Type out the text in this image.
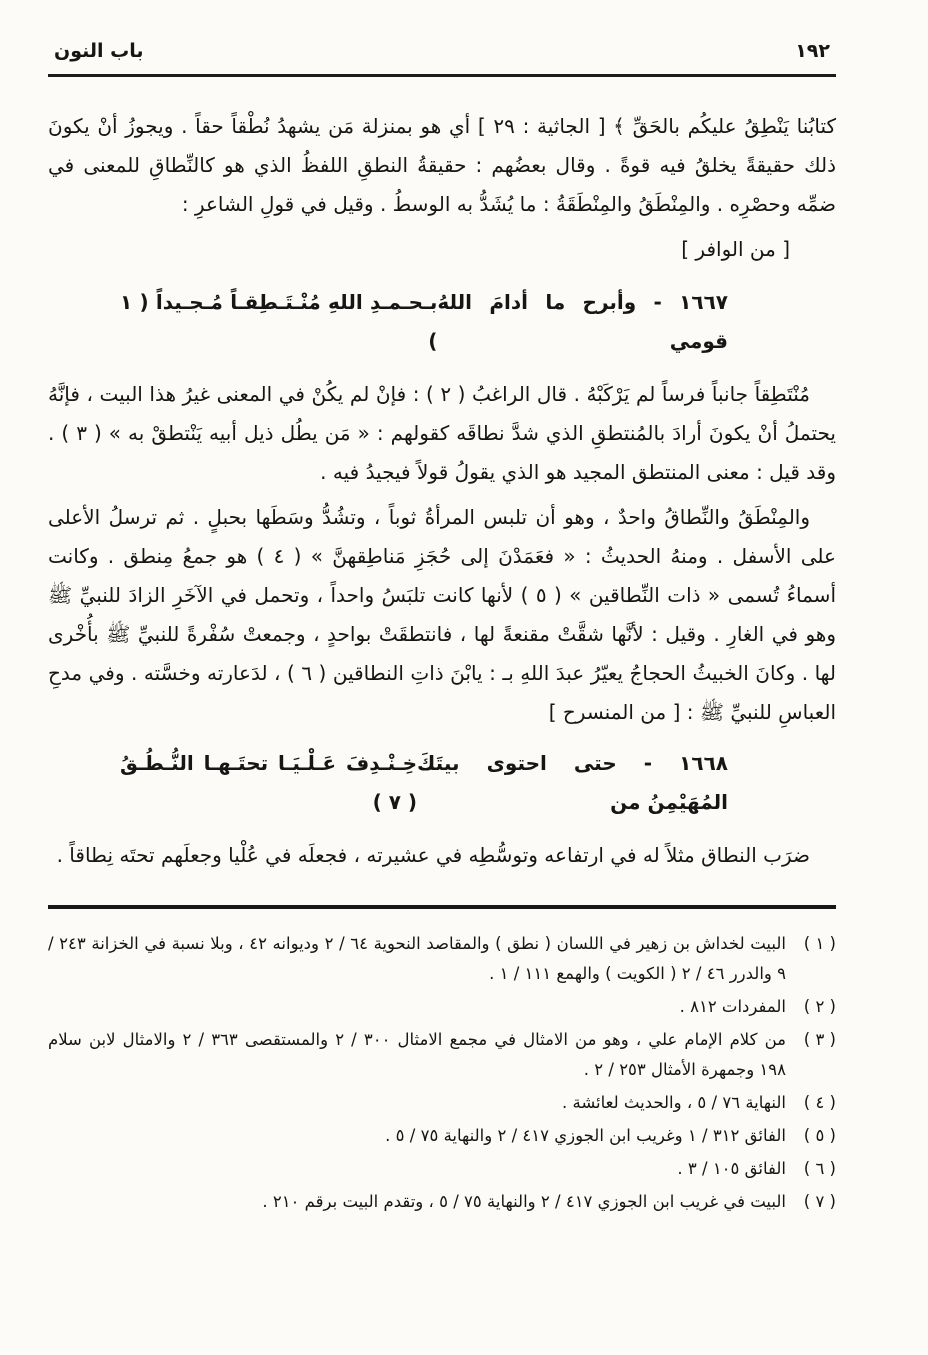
١٩٢
باب النون

كتابُنا يَنْطِقُ عليكُم بالحَقِّ ﴾ [ الجاثية : ٢٩ ] أي هو بمنزلة مَن يشهدُ نُطْقاً حقاً . ويجوزُ أنْ يكونَ ذلك حقيقةً يخلقُ فيه قوةً . وقال بعضُهم : حقيقةُ النطقِ اللفظُ الذي هو كالنِّطاقِ للمعنى في ضمِّه وحصْرِه . والمِنْطَقُ والمِنْطَقَةُ : ما يُشَدُّ به الوسطُ . وقيل في قولِ الشاعرِ :

[ من الوافر ]

١٦٦٧ - وأبرح ما أدامَ اللهُ قومي
بـحـمـدِ اللهِ مُنْـتَـطِقـاً مُـجـيداً ( ١ )

مُنْتَطِقاً جانباً فرساً لم يَرْكَبْهُ . قال الراغبُ ( ٢ ) : فإنْ لم يكُنْ في المعنى غيرُ هذا البيت ، فإنَّهُ يحتملُ أنْ يكونَ أرادَ بالمُنتطقِ الذي شدَّ نطاقَه كقولهم : « مَن يطُل ذيل أبيه يَنْتطقْ به » ( ٣ ) . وقد قيل : معنى المنتطق المجيد هو الذي يقولُ قولاً فيجيدُ فيه .

والمِنْطَقُ والنِّطاقُ واحدٌ ، وهو أن تلبس المرأةُ ثوباً ، وتشُدُّ وسَطَها بحبلٍ . ثم ترسلُ الأعلى على الأسفل . ومنهُ الحديثُ : « فعَمَدْنَ إلى حُجَزِ مَناطِقهنَّ » ( ٤ ) هو جمعُ مِنطق . وكانت أسماءُ تُسمى « ذات النِّطاقين » ( ٥ ) لأنها كانت تلبَسُ واحداً ، وتحمل في الآخَرِ الزادَ للنبيِّ ﷺ وهو في الغارِ . وقيل : لأنَّها شقَّتْ مقنعةً لها ، فانتطقَتْ بواحدٍ ، وجمعتْ سُفْرةً للنبيِّ ﷺ بأُخْرى لها . وكانَ الخبيثُ الحجاجُ يعيّرُ عبدَ اللهِ بـ : يابْنَ ذاتِ النطاقين ( ٦ ) ، لدَعارته وخسَّته . وفي مدحِ العباسِ للنبيِّ ﷺ : [ من المنسرح ]

١٦٦٨ - حتى احتوى بيتَكَ المُهَيْمِنُ من
خِـنْـدِفَ عَـلْـيَـا تحتَـهـا النُّـطُـقُ ( ٧ )

ضرَب النطاق مثلاً له في ارتفاعه وتوسُّطِه في عشيرته ، فجعلَه في عُلْيا وجعلَهم تحتَه نِطاقاً .

( ١ )
البيت لخداش بن زهير في اللسان ( نطق ) والمقاصد النحوية ٦٤ / ٢ وديوانه ٤٢ ، وبلا نسبة في الخزانة ٢٤٣ / ٩ والدرر ٤٦ / ٢ ( الكويت ) والهمع ١١١ / ١ .
( ٢ )
المفردات ٨١٢ .
( ٣ )
من كلام الإمام علي ، وهو من الامثال في مجمع الامثال ٣٠٠ / ٢ والمستقصى ٣٦٣ / ٢ والامثال لابن سلام ١٩٨ وجمهرة الأمثال ٢٥٣ / ٢ .
( ٤ )
النهاية ٧٦ / ٥ ، والحديث لعائشة .
( ٥ )
الفائق ٣١٢ / ١ وغريب ابن الجوزي ٤١٧ / ٢ والنهاية ٧٥ / ٥ .
( ٦ )
الفائق ١٠٥ / ٣ .
( ٧ )
البيت في غريب ابن الجوزي ٤١٧ / ٢ والنهاية ٧٥ / ٥ ، وتقدم البيت برقم ٢١٠ .
